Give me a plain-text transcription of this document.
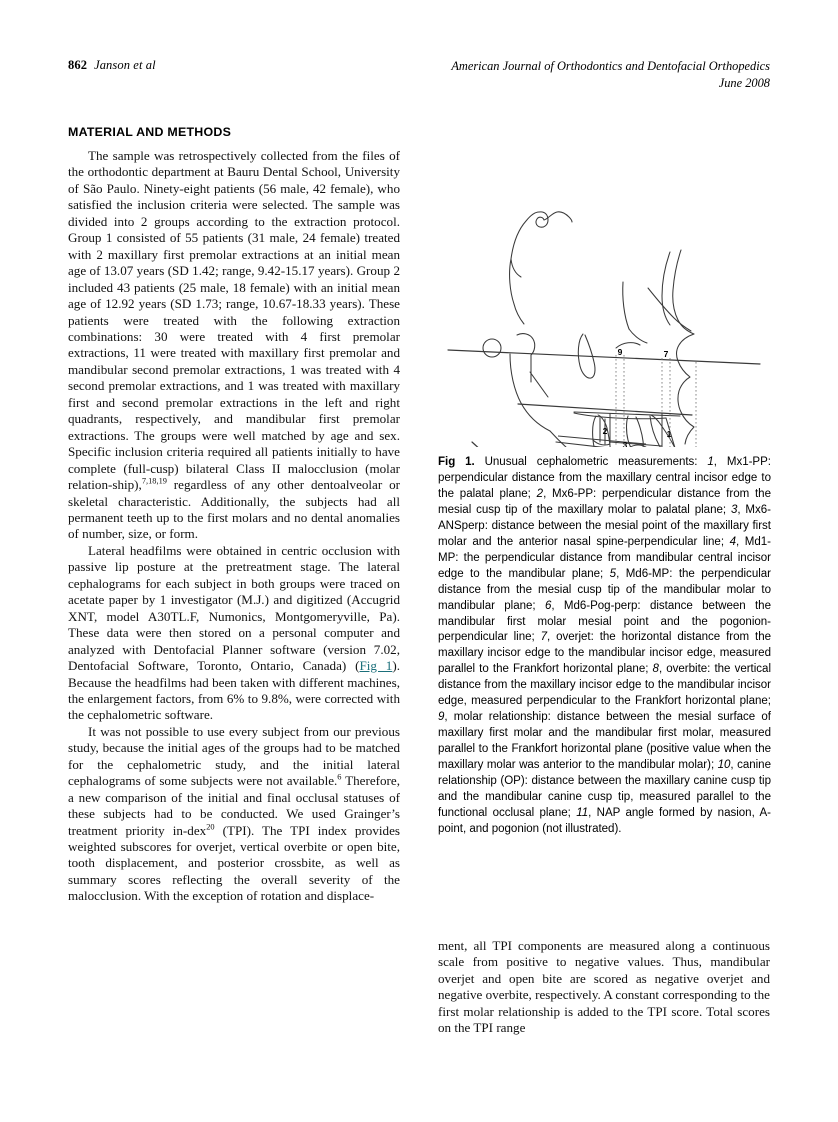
862 Janson et al	American Journal of Orthodontics and Dentofacial Orthopedics
June 2008
MATERIAL AND METHODS

The sample was retrospectively collected from the files of the orthodontic department at Bauru Dental School, University of São Paulo. Ninety-eight patients (56 male, 42 female), who satisfied the inclusion criteria were selected. The sample was divided into 2 groups according to the extraction protocol. Group 1 consisted of 55 patients (31 male, 24 female) treated with 2 maxillary first premolar extractions at an initial mean age of 13.07 years (SD 1.42; range, 9.42-15.17 years). Group 2 included 43 patients (25 male, 18 female) with an initial mean age of 12.92 years (SD 1.73; range, 10.67-18.33 years). These patients were treated with the following extraction combinations: 30 were treated with 4 first premolar extractions, 11 were treated with maxillary first premolar and mandibular second premolar extractions, 1 was treated with 4 second premolar extractions, and 1 was treated with maxillary first and second premolar extractions in the left and right quadrants, respectively, and mandibular first premolar extractions. The groups were well matched by age and sex. Specific inclusion criteria required all patients initially to have complete (full-cusp) bilateral Class II malocclusion (molar relation-ship),$^{7,18,19}$ regardless of any other dentoalveolar or skeletal characteristic. Additionally, the subjects had all permanent teeth up to the first molars and no dental anomalies of number, size, or form.

Lateral headfilms were obtained in centric occlusion with passive lip posture at the pretreatment stage. The lateral cephalograms for each subject in both groups were traced on acetate paper by 1 investigator (M.J.) and digitized (Accugrid XNT, model A30TL.F, Numonics, Montgomeryville, Pa). These data were then stored on a personal computer and analyzed with Dentofacial Planner software (version 7.02, Dentofacial Software, Toronto, Ontario, Canada) (Fig 1). Because the headfilms had been taken with different machines, the enlargement factors, from 6% to 9.8%, were corrected with the cephalometric software.

It was not possible to use every subject from our previous study, because the initial ages of the groups had to be matched for the cephalometric study, and the initial lateral cephalograms of some subjects were not available.$^6$ Therefore, a new comparison of the initial and final occlusal statuses of these subjects had to be conducted. We used Grainger’s treatment priority in-dex$^{20}$ (TPI). The TPI index provides weighted subscores for overjet, vertical overbite or open bite, tooth displacement, and posterior crossbite, as well as summary scores reflecting the overall severity of the malocclusion. With the exception of rotation and displace-

1
2
3
7
9
Fig 1. Unusual cephalometric measurements: 1, Mx1-PP: perpendicular distance from the maxillary central incisor edge to the palatal plane; 2, Mx6-PP: perpendicular distance from the mesial cusp tip of the maxillary molar to palatal plane; 3, Mx6-ANSperp: distance between the mesial point of the maxillary first molar and the anterior nasal spine-perpendicular line; 4, Md1-MP: the perpendicular distance from mandibular central incisor edge to the mandibular plane; 5, Md6-MP: the perpendicular distance from the mesial cusp tip of the mandibular molar to mandibular plane; 6, Md6-Pog-perp: distance between the mandibular first molar mesial point and the pogonion-perpendicular line; 7, overjet: the horizontal distance from the maxillary incisor edge to the mandibular incisor edge, measured parallel to the Frankfort horizontal plane; 8, overbite: the vertical distance from the maxillary incisor edge to the mandibular incisor edge, measured perpendicular to the Frankfort horizontal plane; 9, molar relationship: distance between the mesial surface of maxillary first molar and the mandibular first molar, measured parallel to the Frankfort horizontal plane (positive value when the maxillary molar was anterior to the mandibular molar); 10, canine relationship (OP): distance between the maxillary canine cusp tip and the mandibular canine cusp tip, measured parallel to the functional occlusal plane; 11, NAP angle formed by nasion, A-point, and pogonion (not illustrated).

ment, all TPI components are measured along a continuous scale from positive to negative values. Thus, mandibular overjet and open bite are scored as negative overjet and negative overbite, respectively. A constant corresponding to the first molar relationship is added to the TPI score. Total scores on the TPI range
